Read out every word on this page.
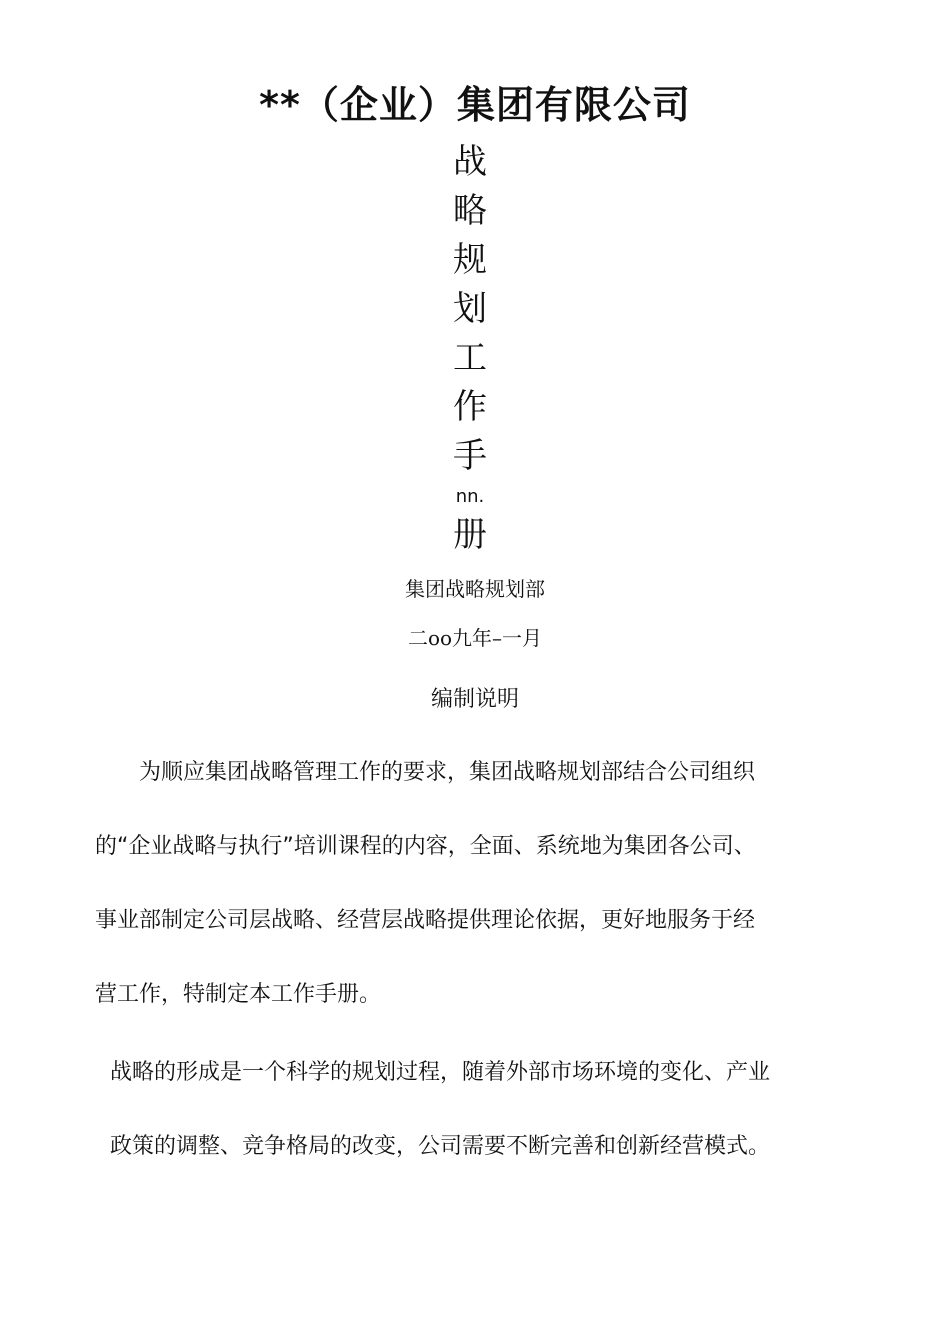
**（企业）集团有限公司
战
略
规
划
工
作
手
nn.
册
集团战略规划部
二oo九年–一月
编制说明
为顺应集团战略管理工作的要求，集团战略规划部结合公司组织
的“企业战略与执行”培训课程的内容，全面、系统地为集团各公司、
事业部制定公司层战略、经营层战略提供理论依据，更好地服务于经
营工作，特制定本工作手册。
战略的形成是一个科学的规划过程，随着外部市场环境的变化、产业
政策的调整、竞争格局的改变，公司需要不断完善和创新经营模式。
